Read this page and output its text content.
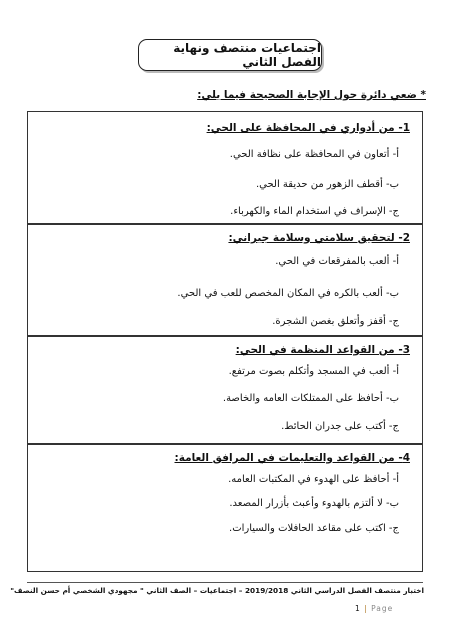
اجتماعيات منتصف ونهاية الفصل الثاني
* ضعي دائرة حول الإجابة الصحيحة فيما يلي:
1- من أدواري في المحافظة على الحي:
أ- أتعاون في المحافظة على نظافة الحي.
ب- أقطف الزهور من حديقة الحي.
ج- الإسراف في استخدام الماء والكهرباء.
2- لتحقيق سلامتي وسلامة جيراني:
أ- ألعب بالمفرقعات في الحي.
ب- ألعب بالكره في المكان المخصص للعب في الحي.
ج- أقفز وأتعلق بغصن الشجرة.
3- من القواعد المنظمة في الحي:
أ- ألعب في المسجد وأتكلم بصوت مرتفع.
ب- أحافظ على الممتلكات العامه والخاصة.
ج- أكتب على جدران الحائط.
4- من القواعد والتعليمات في المرافق العامة:
أ- أحافظ على الهدوء في المكتبات العامه.
ب- لا ألتزم بالهدوء وأعبث بأزرار المصعد.
ج- اكتب على مقاعد الحافلات والسيارات.
اختبار منتصف الفصل الدراسي الثاني 2019/2018 – اجتماعيات – الصف الثاني " مجهودي الشخصي أم حسن النصف"
1 | Page
